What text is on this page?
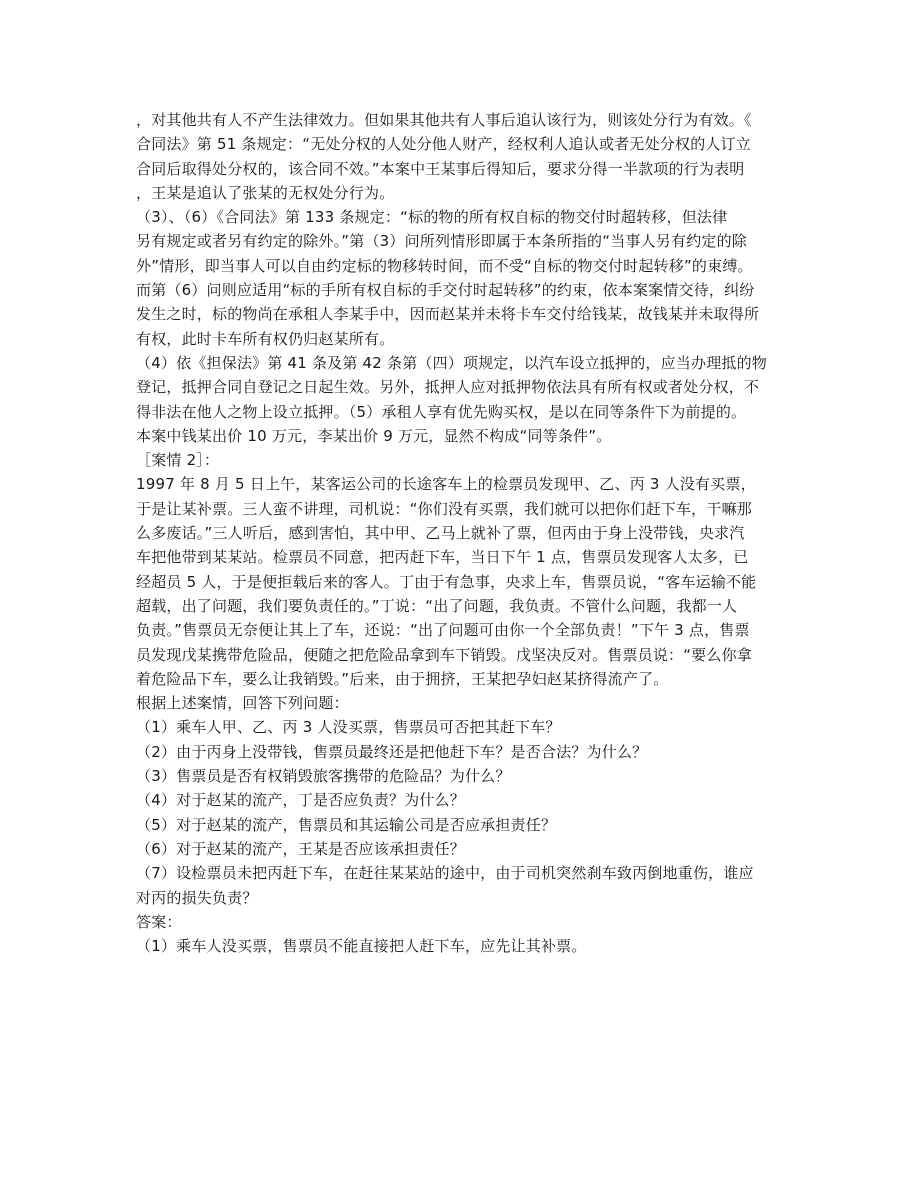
，对其他共有人不产生法律效力。但如果其他共有人事后追认该行为，则该处分行为有效。《
合同法》第 51 条规定：“无处分权的人处分他人财产，经权利人追认或者无处分权的人订立
合同后取得处分权的，该合同不效。”本案中王某事后得知后，要求分得一半款项的行为表明
，王某是追认了张某的无权处分行为。
（3）、（6）《合同法》第 133 条规定：“标的物的所有权自标的物交付时超转移，但法律
另有规定或者另有约定的除外。”第（3）问所列情形即属于本条所指的“当事人另有约定的除
外”情形，即当事人可以自由约定标的物移转时间，而不受“自标的物交付时起转移”的束缚。
而第（6）问则应适用“标的手所有权自标的手交付时起转移”的约束，依本案案情交待，纠纷
发生之时，标的物尚在承租人李某手中，因而赵某并未将卡车交付给钱某，故钱某并未取得所
有权，此时卡车所有权仍归赵某所有。
（4）依《担保法》第 41 条及第 42 条第（四）项规定，以汽车设立抵押的，应当办理抵的物
登记，抵押合同自登记之日起生效。另外，抵押人应对抵押物依法具有所有权或者处分权，不
得非法在他人之物上设立抵押。（5）承租人享有优先购买权，是以在同等条件下为前提的。
本案中钱某出价 10 万元，李某出价 9 万元，显然不构成“同等条件”。
［案情 2］：
1997 年 8 月 5 日上午，某客运公司的长途客车上的检票员发现甲、乙、丙 3 人没有买票，
于是让某补票。三人蛮不讲理，司机说：“你们没有买票，我们就可以把你们赶下车，干嘛那
么多废话。”三人听后，感到害怕，其中甲、乙马上就补了票，但丙由于身上没带钱，央求汽
车把他带到某某站。检票员不同意，把丙赶下车，当日下午 1 点，售票员发现客人太多，已
经超员 5 人，于是便拒载后来的客人。丁由于有急事，央求上车，售票员说，“客车运输不能
超载，出了问题，我们要负责任的。”丁说：“出了问题，我负责。不管什么问题，我都一人
负责。”售票员无奈便让其上了车，还说：“出了问题可由你一个全部负责！”下午 3 点，售票
员发现戊某携带危险品，便随之把危险品拿到车下销毁。戊坚决反对。售票员说：“要么你拿
着危险品下车，要么让我销毁。”后来，由于拥挤，王某把孕妇赵某挤得流产了。
根据上述案情，回答下列问题：
（1）乘车人甲、乙、丙 3 人没买票，售票员可否把其赶下车？
（2）由于丙身上没带钱，售票员最终还是把他赶下车？是否合法？为什么？
（3）售票员是否有权销毁旅客携带的危险品？为什么？
（4）对于赵某的流产，丁是否应负责？为什么？
（5）对于赵某的流产，售票员和其运输公司是否应承担责任？
（6）对于赵某的流产，王某是否应该承担责任？
（7）设检票员未把丙赶下车，在赶往某某站的途中，由于司机突然刹车致丙倒地重伤，谁应
对丙的损失负责？
答案：
（1）乘车人没买票，售票员不能直接把人赶下车，应先让其补票。
